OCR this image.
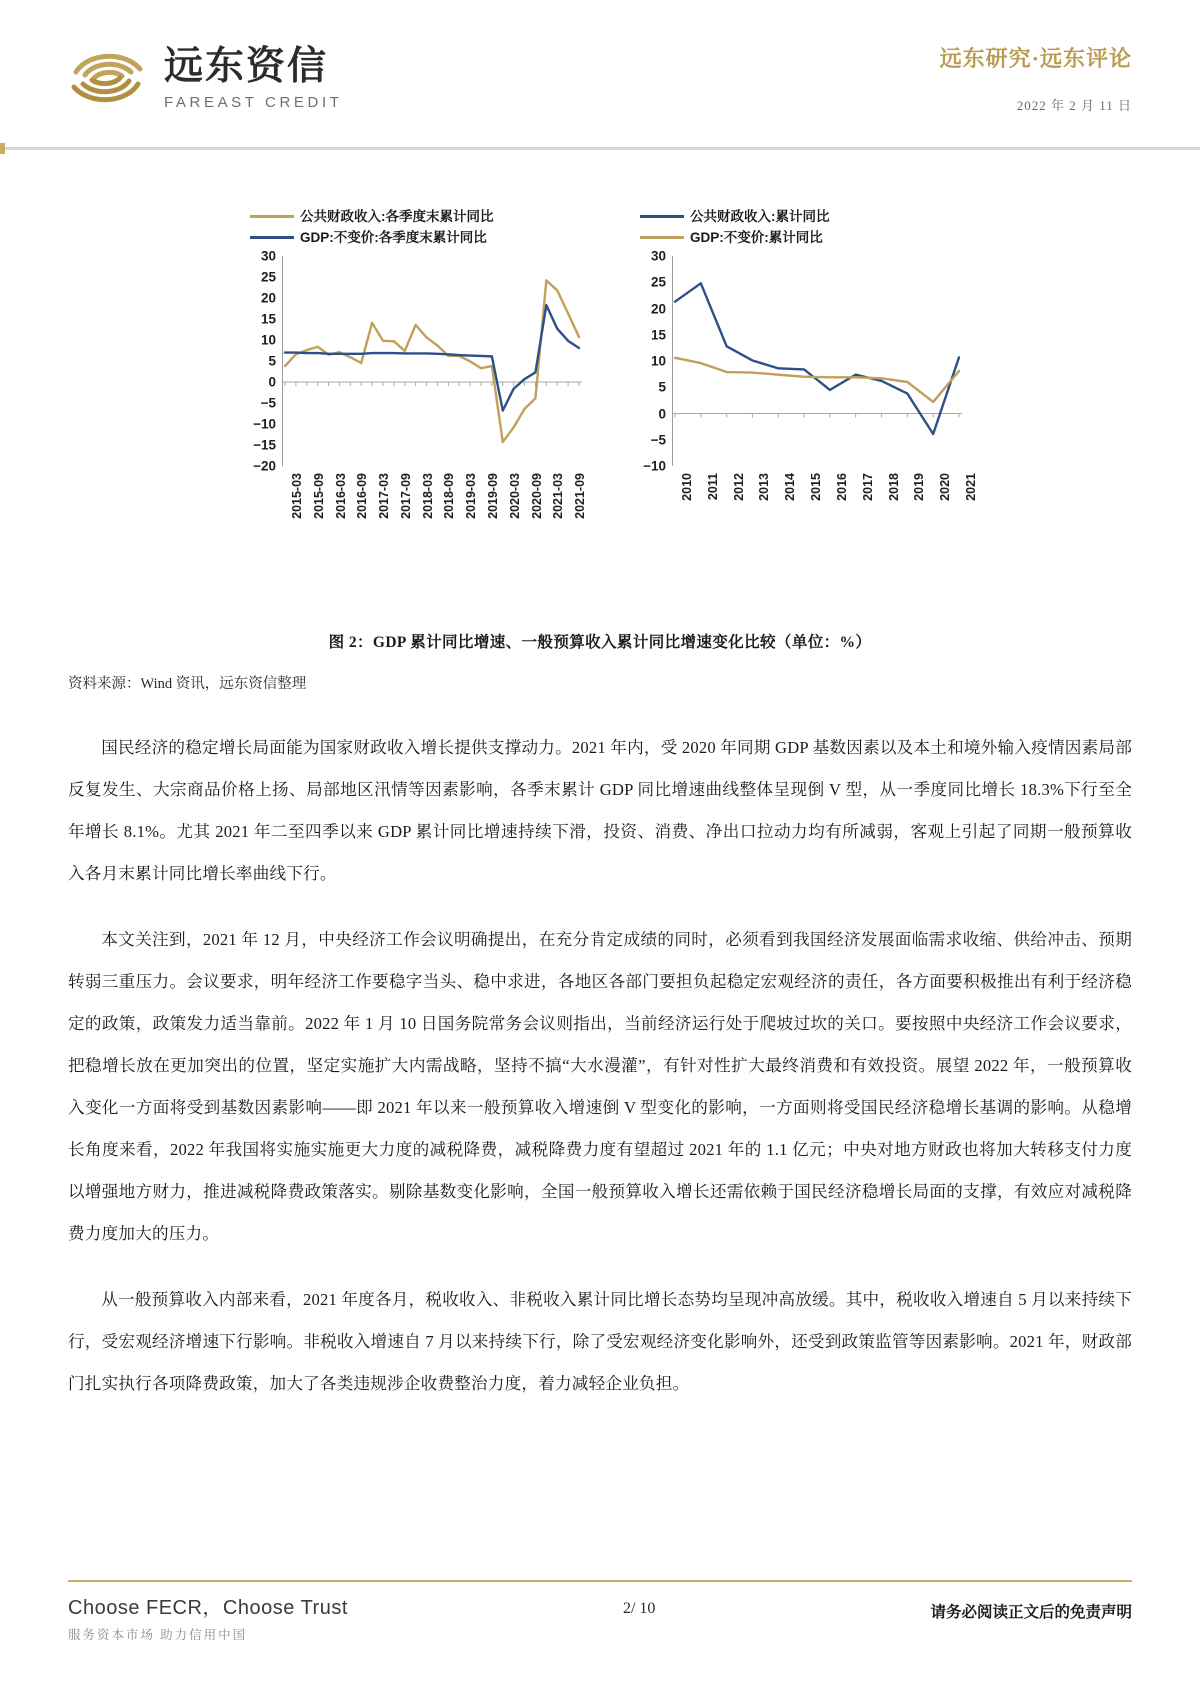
远东资信
FAREAST CREDIT
远东研究·远东评论
2022 年 2 月 11 日
公共财政收入:各季度末累计同比
GDP:不变价:各季度末累计同比
30
25
20
15
10
5
0
−5
−10
−15
−20
2015-03 2015-09 2016-03 2016-09 2017-03 2017-09 2018-03 2018-09 2019-03 2019-09 2020-03 2020-09 2021-03 2021-09
公共财政收入:累计同比
GDP:不变价:累计同比
30
25
20
15
10
5
0
−5
−10
2010 2011 2012 2013 2014 2015 2016 2017 2018 2019 2020 2021
图 2：GDP 累计同比增速、一般预算收入累计同比增速变化比较（单位：%）
资料来源：Wind 资讯，远东资信整理

国民经济的稳定增长局面能为国家财政收入增长提供支撑动力。2021 年内，受 2020 年同期 GDP 基数因素以及本土和境外输入疫情因素局部反复发生、大宗商品价格上扬、局部地区汛情等因素影响，各季末累计 GDP 同比增速曲线整体呈现倒 V 型，从一季度同比增长 18.3%下行至全年增长 8.1%。尤其 2021 年二至四季以来 GDP 累计同比增速持续下滑，投资、消费、净出口拉动力均有所减弱，客观上引起了同期一般预算收入各月末累计同比增长率曲线下行。

本文关注到，2021 年 12 月，中央经济工作会议明确提出，在充分肯定成绩的同时，必须看到我国经济发展面临需求收缩、供给冲击、预期转弱三重压力。会议要求，明年经济工作要稳字当头、稳中求进，各地区各部门要担负起稳定宏观经济的责任，各方面要积极推出有利于经济稳定的政策，政策发力适当靠前。2022 年 1 月 10 日国务院常务会议则指出，当前经济运行处于爬坡过坎的关口。要按照中央经济工作会议要求，把稳增长放在更加突出的位置，坚定实施扩大内需战略，坚持不搞“大水漫灌”，有针对性扩大最终消费和有效投资。展望 2022 年，一般预算收入变化一方面将受到基数因素影响——即 2021 年以来一般预算收入增速倒 V 型变化的影响，一方面则将受国民经济稳增长基调的影响。从稳增长角度来看，2022 年我国将实施实施更大力度的减税降费，减税降费力度有望超过 2021 年的 1.1 亿元；中央对地方财政也将加大转移支付力度以增强地方财力，推进减税降费政策落实。剔除基数变化影响，全国一般预算收入增长还需依赖于国民经济稳增长局面的支撑，有效应对减税降费力度加大的压力。

从一般预算收入内部来看，2021 年度各月，税收收入、非税收入累计同比增长态势均呈现冲高放缓。其中，税收收入增速自 5 月以来持续下行，受宏观经济增速下行影响。非税收入增速自 7 月以来持续下行，除了受宏观经济变化影响外，还受到政策监管等因素影响。2021 年，财政部门扎实执行各项降费政策，加大了各类违规涉企收费整治力度，着力减轻企业负担。

Choose FECR，Choose Trust
服务资本市场 助力信用中国
2/ 10	请务必阅读正文后的免责声明
